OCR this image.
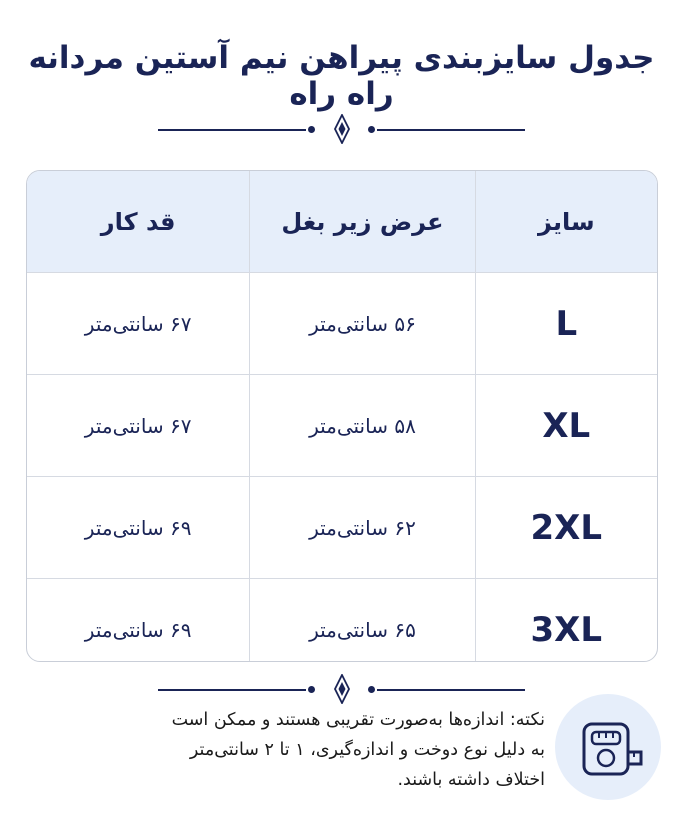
جدول سایزبندی پیراهن نیم آستین مردانه راه راه
سایز
عرض زیر بغل
قد کار
L
۵۶ سانتی‌متر
۶۷ سانتی‌متر
XL
۵۸ سانتی‌متر
۶۷ سانتی‌متر
2XL
۶۲ سانتی‌متر
۶۹ سانتی‌متر
3XL
۶۵ سانتی‌متر
۶۹ سانتی‌متر
نکته: اندازه‌ها به‌صورت تقریبی هستند و ممکن است
به دلیل نوع دوخت و اندازه‌گیری، ۱ تا ۲ سانتی‌متر
اختلاف داشته باشند.
